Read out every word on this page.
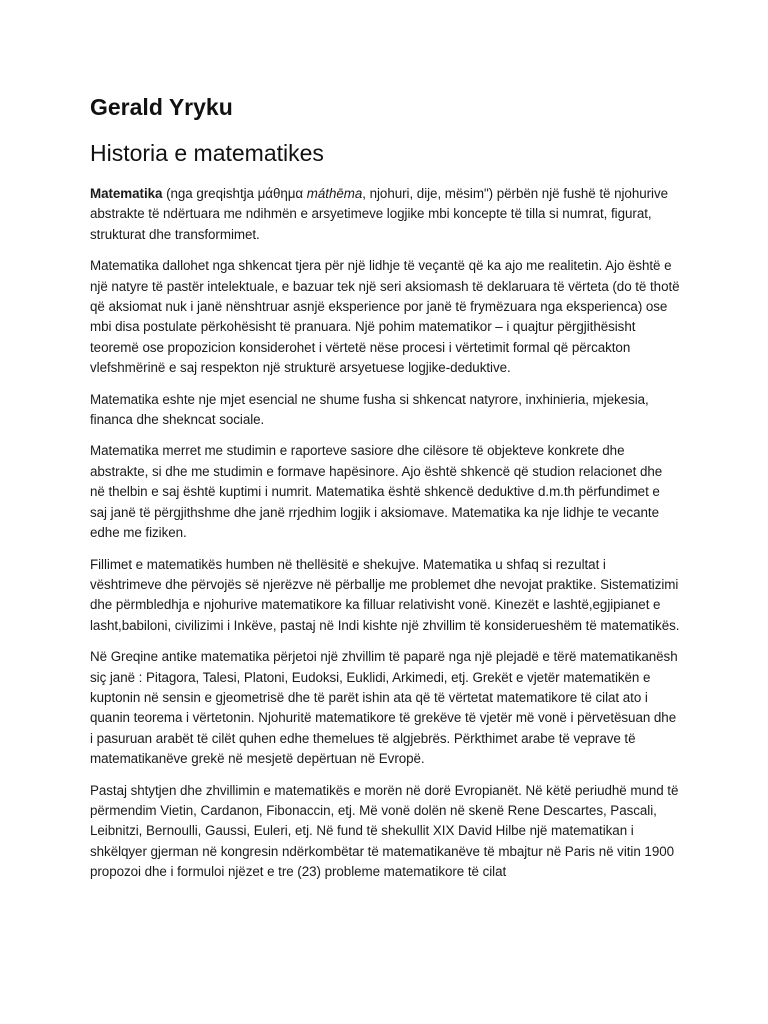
Gerald Yryku
Historia e matematikes

Matematika (nga greqishtja μάθημα máthēma, njohuri, dije, mësim") përbën një fushë të njohurive abstrakte të ndërtuara me ndihmën e arsyetimeve logjike mbi koncepte të tilla si numrat, figurat, strukturat dhe transformimet.

Matematika dallohet nga shkencat tjera për një lidhje të veçantë që ka ajo me realitetin. Ajo është e një natyre të pastër intelektuale, e bazuar tek një seri aksiomash të deklaruara të vërteta (do të thotë që aksiomat nuk i janë nënshtruar asnjë eksperience por janë të frymëzuara nga eksperienca) ose mbi disa postulate përkohësisht të pranuara. Një pohim matematikor – i quajtur përgjithësisht teoremë ose propozicion konsiderohet i vërtetë nëse procesi i vërtetimit formal që përcakton vlefshmërinë e saj respekton një strukturë arsyetuese logjike-deduktive.

Matematika eshte nje mjet esencial ne shume fusha si shkencat natyrore, inxhinieria, mjekesia, financa dhe shekncat sociale.

Matematika merret me studimin e raporteve sasiore dhe cilësore të objekteve konkrete dhe abstrakte, si dhe me studimin e formave hapësinore. Ajo është shkencë që studion relacionet dhe në thelbin e saj është kuptimi i numrit. Matematika është shkencë deduktive d.m.th përfundimet e saj janë të përgjithshme dhe janë rrjedhim logjik i aksiomave. Matematika ka nje lidhje te vecante edhe me fiziken.

Fillimet e matematikës humben në thellësitë e shekujve. Matematika u shfaq si rezultat i vështrimeve dhe përvojës së njerëzve në përballje me problemet dhe nevojat praktike. Sistematizimi dhe përmbledhja e njohurive matematikore ka filluar relativisht vonë. Kinezët e lashtë,egjipianet e lasht,babiloni, civilizimi i Inkëve, pastaj në Indi kishte një zhvillim të konsiderueshëm të matematikës.

Në Greqine antike matematika përjetoi një zhvillim të paparë nga një plejadë e tërë matematikanësh siç janë : Pitagora, Talesi, Platoni, Eudoksi, Euklidi, Arkimedi, etj. Grekët e vjetër matematikën e kuptonin në sensin e gjeometrisë dhe të parët ishin ata që të vërtetat matematikore të cilat ato i quanin teorema i vërtetonin. Njohuritë matematikore të grekëve të vjetër më vonë i përvetësuan dhe i pasuruan arabët të cilët quhen edhe themelues të algjebrës. Përkthimet arabe të veprave të matematikanëve grekë në mesjetë depërtuan në Evropë.

Pastaj shtytjen dhe zhvillimin e matematikës e morën në dorë Evropianët. Në këtë periudhë mund të përmendim Vietin, Cardanon, Fibonaccin, etj. Më vonë dolën në skenë Rene Descartes, Pascali, Leibnitzi, Bernoulli, Gaussi, Euleri, etj. Në fund të shekullit XIX David Hilbe një matematikan i shkëlqyer gjerman në kongresin ndërkombëtar të matematikanëve të mbajtur në Paris në vitin 1900 propozoi dhe i formuloi njëzet e tre (23) probleme matematikore të cilat
